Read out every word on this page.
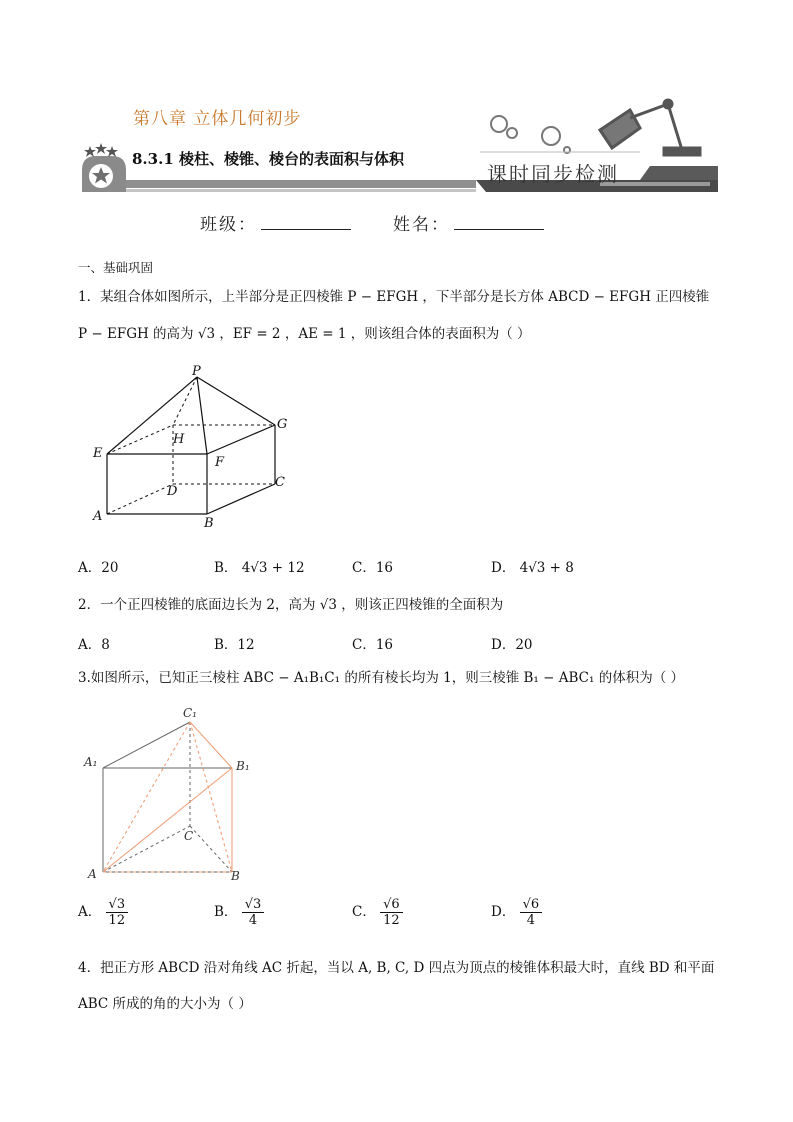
第八章 立体几何初步
8.3.1 棱柱、棱锥、棱台的表面积与体积
课时同步检测
班级：	姓名：
一、基础巩固
1．某组合体如图所示，上半部分是正四棱锥 P − EFGH ，下半部分是长方体 ABCD − EFGH 正四棱锥
P − EFGH 的高为 √3 ，EF = 2 ，AE = 1 ，则该组合体的表面积为（ ）
P
G
H
E
F
C
D
A	B
A．20	B． 4√3 + 12	C．16	D． 4√3 + 8
2．一个正四棱锥的底面边长为 2，高为 √3 ，则该正四棱锥的全面积为
A．8	B．12	C．16	D．20
3.如图所示，已知正三棱柱 ABC − A₁B₁C₁ 的所有棱长均为 1，则三棱锥 B₁ − ABC₁ 的体积为（ ）
C₁
A₁	B₁
C
A	B
A． $\frac{√3}{12}$	B． $\frac{√3}{4}$	C． $\frac{√6}{12}$	D． $\frac{√6}{4}$
4．把正方形 ABCD 沿对角线 AC 折起，当以 A, B, C, D 四点为顶点的棱锥体积最大时，直线 BD 和平面
ABC 所成的角的大小为（ ）
